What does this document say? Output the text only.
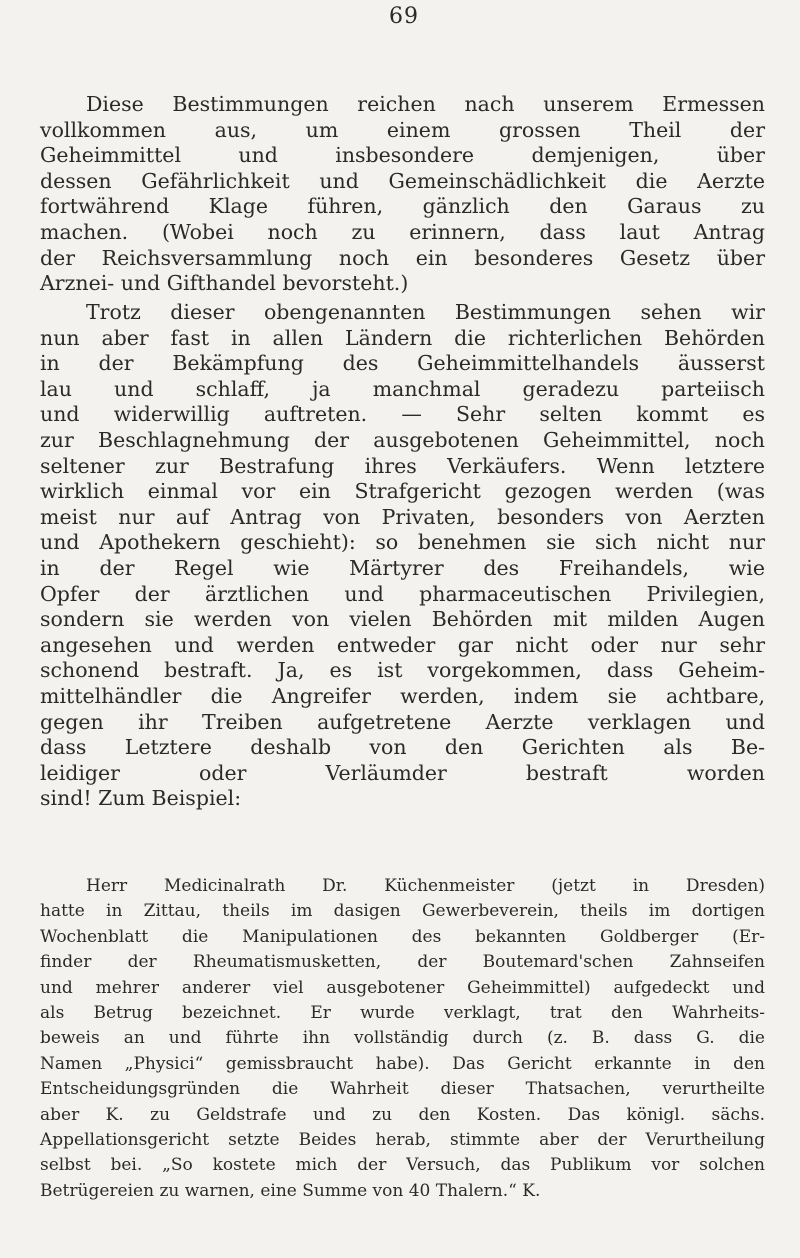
69
Diese Bestimmungen reichen nach unserem Ermessen
vollkommen aus, um einem grossen Theil der
Geheimmittel und insbesondere demjenigen, über
dessen Gefährlichkeit und Gemeinschädlichkeit die Aerzte
fortwährend Klage führen, gänzlich den Garaus zu
machen. (Wobei noch zu erinnern, dass laut Antrag
der Reichsversammlung noch ein besonderes Gesetz über
Arznei- und Gifthandel bevorsteht.)
Trotz dieser obengenannten Bestimmungen sehen wir
nun aber fast in allen Ländern die richterlichen Behörden
in der Bekämpfung des Geheimmittelhandels äusserst
lau und schlaff, ja manchmal geradezu parteiisch
und widerwillig auftreten. — Sehr selten kommt es
zur Beschlagnehmung der ausgebotenen Geheimmittel, noch
seltener zur Bestrafung ihres Verkäufers. Wenn letztere
wirklich einmal vor ein Strafgericht gezogen werden (was
meist nur auf Antrag von Privaten, besonders von Aerzten
und Apothekern geschieht): so benehmen sie sich nicht nur
in der Regel wie Märtyrer des Freihandels, wie
Opfer der ärztlichen und pharmaceutischen Privilegien,
sondern sie werden von vielen Behörden mit milden Augen
angesehen und werden entweder gar nicht oder nur sehr
schonend bestraft. Ja, es ist vorgekommen, dass Geheim-
mittelhändler die Angreifer werden, indem sie achtbare,
gegen ihr Treiben aufgetretene Aerzte verklagen und
dass Letztere deshalb von den Gerichten als Be-
leidiger oder Verläumder bestraft worden
sind! Zum Beispiel:
Herr Medicinalrath Dr. Küchenmeister (jetzt in Dresden)
hatte in Zittau, theils im dasigen Gewerbeverein, theils im dortigen
Wochenblatt die Manipulationen des bekannten Goldberger (Er-
finder der Rheumatismusketten, der Boutemard'schen Zahnseifen
und mehrer anderer viel ausgebotener Geheimmittel) aufgedeckt und
als Betrug bezeichnet. Er wurde verklagt, trat den Wahrheits-
beweis an und führte ihn vollständig durch (z. B. dass G. die
Namen „Physici“ gemissbraucht habe). Das Gericht erkannte in den
Entscheidungsgründen die Wahrheit dieser Thatsachen, verurtheilte
aber K. zu Geldstrafe und zu den Kosten. Das königl. sächs.
Appellationsgericht setzte Beides herab, stimmte aber der Verurtheilung
selbst bei. „So kostete mich der Versuch, das Publikum vor solchen
Betrügereien zu warnen, eine Summe von 40 Thalern.“ K.
